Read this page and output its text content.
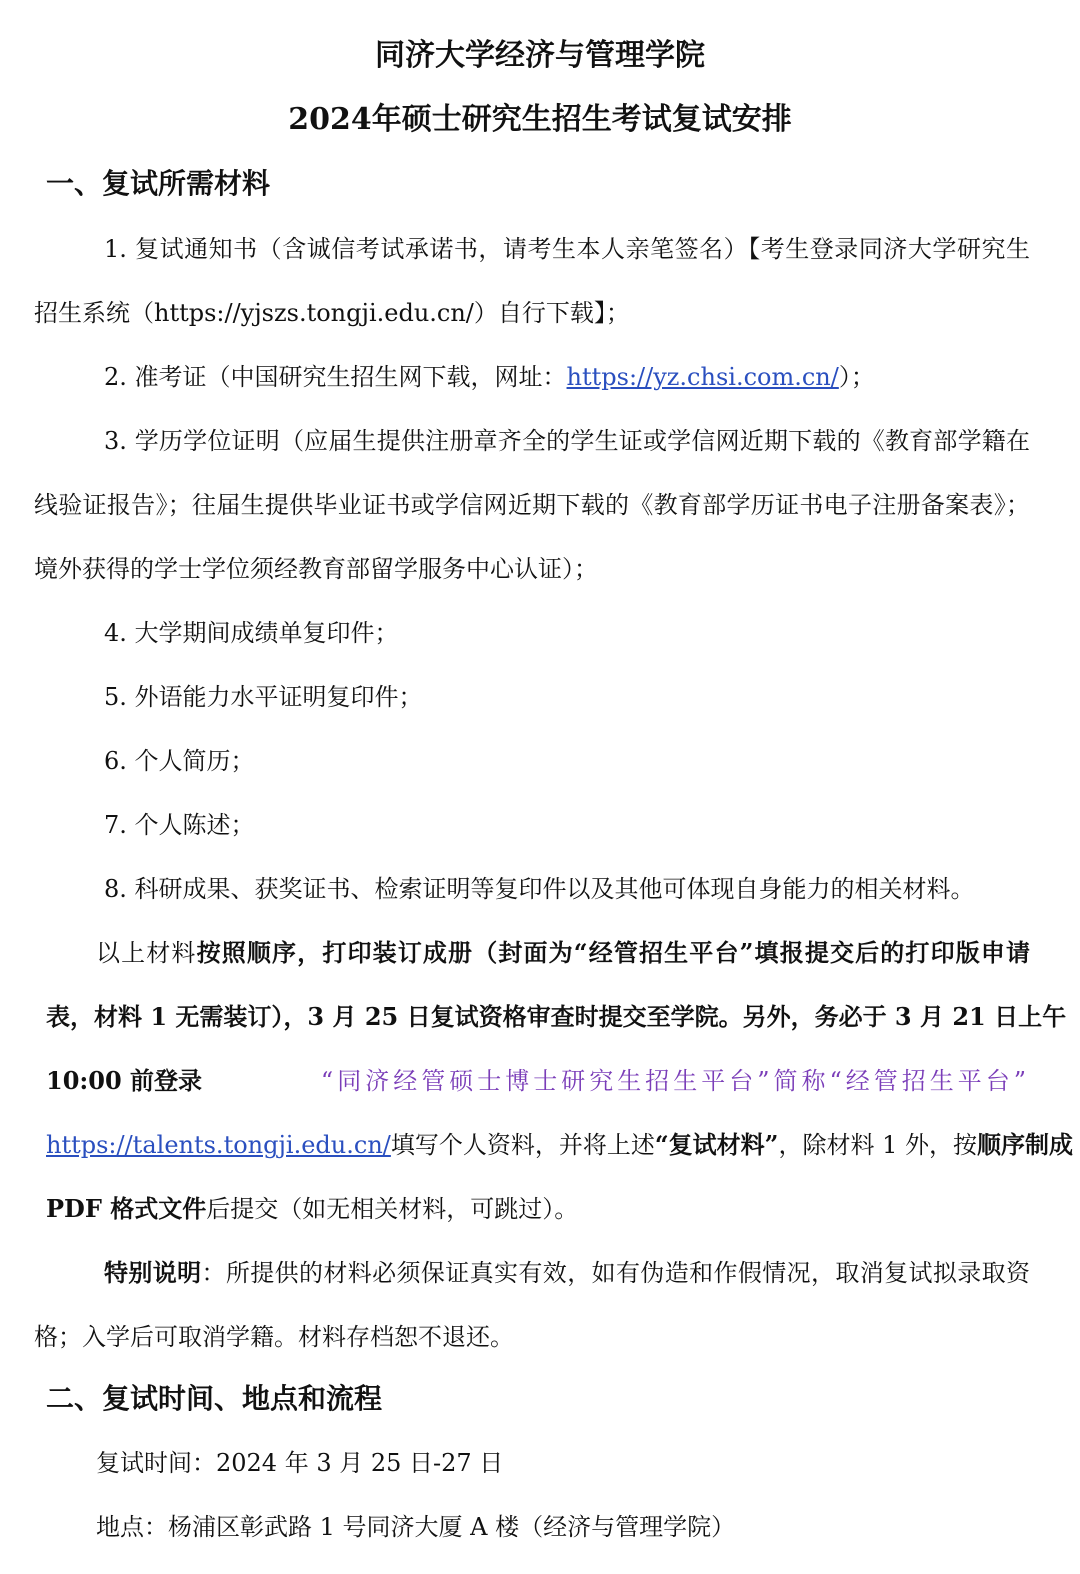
同济大学经济与管理学院
2024年硕士研究生招生考试复试安排
一、复试所需材料
1. 复试通知书（含诚信考试承诺书，请考生本人亲笔签名）【考生登录同济大学研究生
招生系统（https://yjszs.tongji.edu.cn/）自行下载】；
2. 准考证（中国研究生招生网下载，网址：https://yz.chsi.com.cn/）；
3. 学历学位证明（应届生提供注册章齐全的学生证或学信网近期下载的《教育部学籍在
线验证报告》；往届生提供毕业证书或学信网近期下载的《教育部学历证书电子注册备案表》；
境外获得的学士学位须经教育部留学服务中心认证）；
4. 大学期间成绩单复印件；
5. 外语能力水平证明复印件；
6. 个人简历；
7. 个人陈述；
8. 科研成果、获奖证书、检索证明等复印件以及其他可体现自身能力的相关材料。
以上材料按照顺序，打印装订成册（封面为“经管招生平台”填报提交后的打印版申请
表，材料 1 无需装订），3 月 25 日复试资格审查时提交至学院。另外，务必于 3 月 21 日上午
10:00 前登录	“同济经管硕士博士研究生招生平台”简称“经管招生平台”
https://talents.tongji.edu.cn/填写个人资料，并将上述“复试材料”，除材料 1 外，按顺序制成
PDF 格式文件后提交（如无相关材料，可跳过）。
特别说明：所提供的材料必须保证真实有效，如有伪造和作假情况，取消复试拟录取资
格；入学后可取消学籍。材料存档恕不退还。
二、复试时间、地点和流程
复试时间：2024 年 3 月 25 日-27 日
地点：杨浦区彰武路 1 号同济大厦 A 楼（经济与管理学院）
